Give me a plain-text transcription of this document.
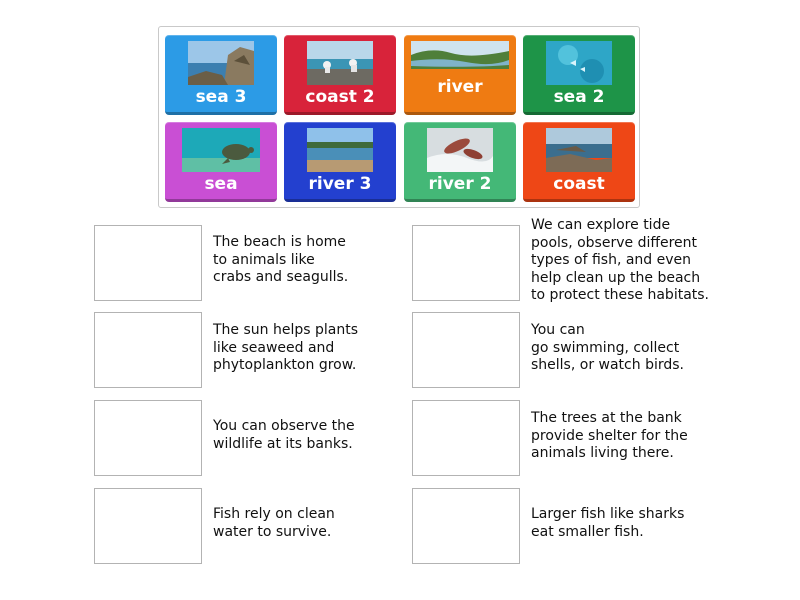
sea 3	coast 2	river	sea 2
sea	river 3	river 2	coast
The beach is home
to animals like
crabs and seagulls.
We can explore tide
pools, observe different
types of fish, and even
help clean up the beach
to protect these habitats.
The sun helps plants
like seaweed and
phytoplankton grow.
You can
go swimming, collect
shells, or watch birds.
You can observe the
wildlife at its banks.
The trees at the bank
provide shelter for the
animals living there.
Fish rely on clean
water to survive.
Larger fish like sharks
eat smaller fish.
